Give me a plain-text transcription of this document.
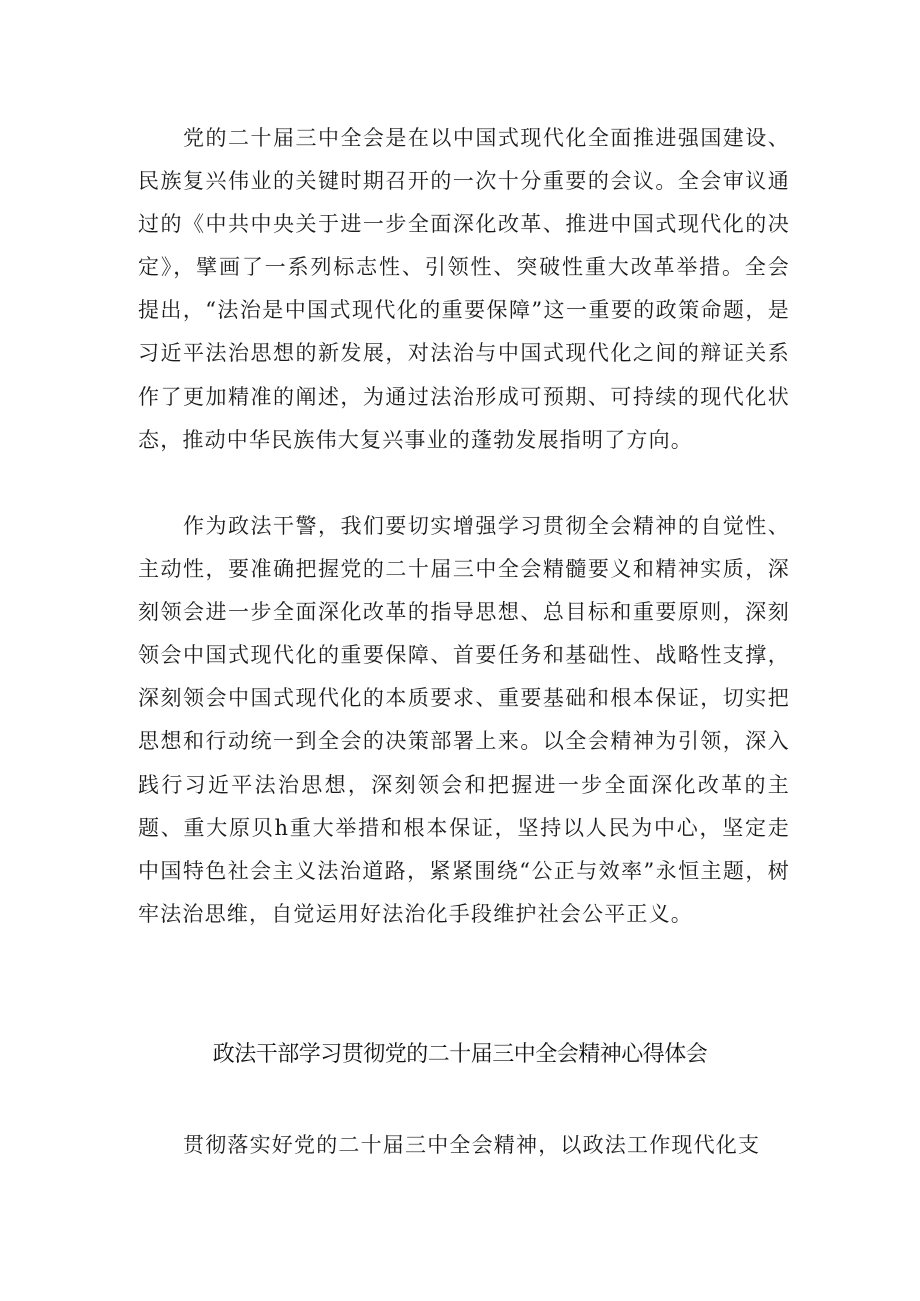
党的二十届三中全会是在以中国式现代化全面推进强国建设、民族复兴伟业的关键时期召开的一次十分重要的会议。全会审议通过的《中共中央关于进一步全面深化改革、推进中国式现代化的决定》，擘画了一系列标志性、引领性、突破性重大改革举措。全会提出，“法治是中国式现代化的重要保障”这一重要的政策命题，是习近平法治思想的新发展，对法治与中国式现代化之间的辩证关系作了更加精准的阐述，为通过法治形成可预期、可持续的现代化状态，推动中华民族伟大复兴事业的蓬勃发展指明了方向。

作为政法干警，我们要切实增强学习贯彻全会精神的自觉性、主动性，要准确把握党的二十届三中全会精髓要义和精神实质，深刻领会进一步全面深化改革的指导思想、总目标和重要原则，深刻领会中国式现代化的重要保障、首要任务和基础性、战略性支撑，深刻领会中国式现代化的本质要求、重要基础和根本保证，切实把思想和行动统一到全会的决策部署上来。以全会精神为引领，深入践行习近平法治思想，深刻领会和把握进一步全面深化改革的主题、重大原贝h重大举措和根本保证，坚持以人民为中心，坚定走中国特色社会主义法治道路，紧紧围绕“公正与效率”永恒主题，树牢法治思维，自觉运用好法治化手段维护社会公平正义。

政法干部学习贯彻党的二十届三中全会精神心得体会

贯彻落实好党的二十届三中全会精神，以政法工作现代化支
